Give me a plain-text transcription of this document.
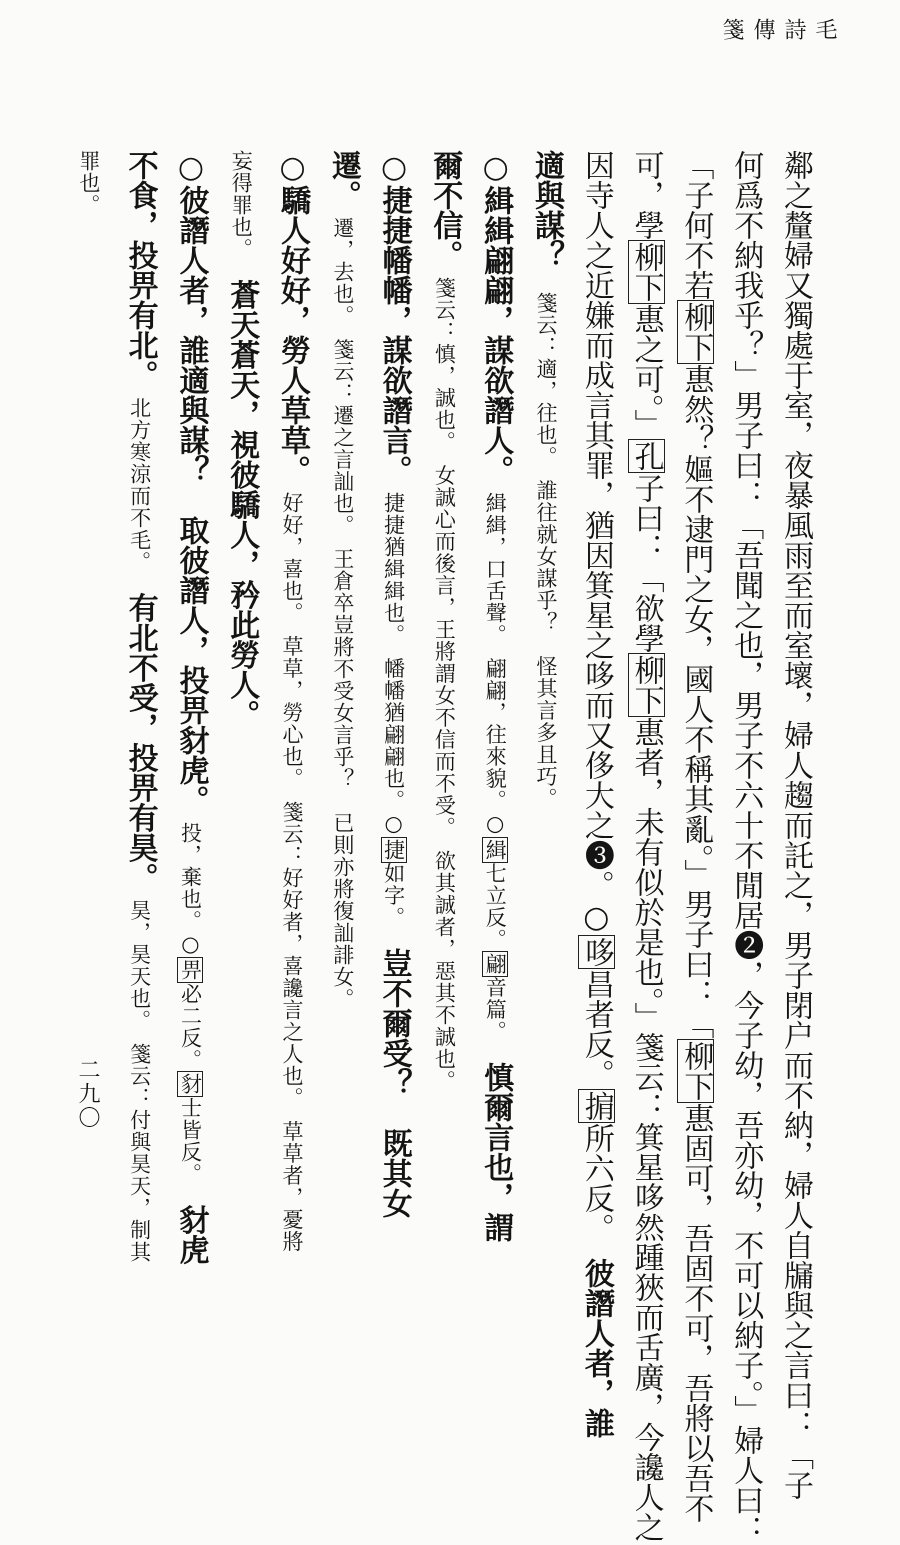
毛詩傳箋
二九〇	鄰之釐婦又獨處于室，夜暴風雨至而室壞，婦人趨而託之，男子閉户而不納，婦人自牖與之言曰：「子
何爲不納我乎？」男子曰：「吾聞之也，男子不六十不閒居❷，今子幼，吾亦幼，不可以納子。」婦人曰：
「子何不若柳下惠然？嫗不逮門之女，國人不稱其亂。」男子曰：「柳下惠固可，吾固不可，吾將以吾不
可，學柳下惠之可。」孔子曰：「欲學柳下惠者，未有似於是也。」箋云：箕星哆然踵狹而舌廣，今讒人之
因寺人之近嫌而成言其罪，猶因箕星之哆而又侈大之❸。○哆昌者反。掮所六反。　彼譖人者，誰
適與謀？　箋云：適，往也。　誰往就女謀乎？　怪其言多且巧。
○緝緝翩翩，謀欲譖人。　緝緝，口舌聲。　翩翩，往來貌。○緝七立反。翩音篇。　慎爾言也，謂
爾不信。　箋云：慎，誠也。　女誠心而後言，王將謂女不信而不受。　欲其誠者，惡其不誠也。
○捷捷幡幡，謀欲譖言。　捷捷猶緝緝也。　幡幡猶翩翩也。○捷如字。　豈不爾受？　既其女
遷。　遷，去也。　箋云：遷之言訕也。　王倉卒豈將不受女言乎？　已則亦將復訕誹女。
○驕人好好，勞人草草。　好好，喜也。　草草，勞心也。　箋云：好好者，喜讒言之人也。　草草者，憂將
妄得罪也。　蒼天蒼天，視彼驕人，矜此勞人。
○彼譖人者，誰適與謀？　取彼譖人，投畀豺虎。　投，棄也。○畀必二反。豺士皆反。　豺虎
不食，投畀有北。　北方寒涼而不毛。　有北不受，投畀有昊。　昊，昊天也。　箋云：付與昊天，制其
罪也。
